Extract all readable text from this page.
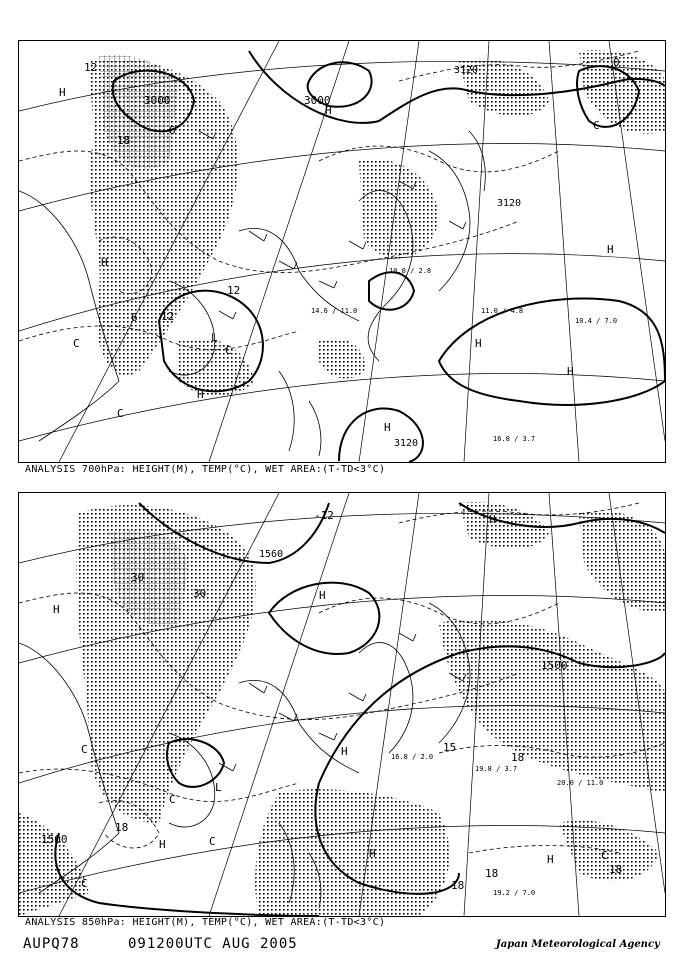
3000	3000
3120
3120
3120
12
18
6
12
12
6
0
H
H
H
H
H
H
H
H
L
C
C
C
C
10.4 / 7.0
11.0 / 4.8
16.8 / 3.7
14.6 / 11.0
10.8 / 2.8
ANALYSIS 700hPa: HEIGHT(M), TEMP(°C), WET AREA:(T-TD<3°C)
1500
1500
1560
-12
30
30
18
18
18
18
18
15
H
H
H
H
H
H
H
L
C
C
C
C
C
20.0 / 11.0
19.8 / 3.7
19.2 / 7.0
16.8 / 2.0
ANALYSIS 850hPa: HEIGHT(M), TEMP(°C), WET AREA:(T-TD<3°C)
AUPQ78	091200UTC AUG 2005	Japan Meteorological Agency
